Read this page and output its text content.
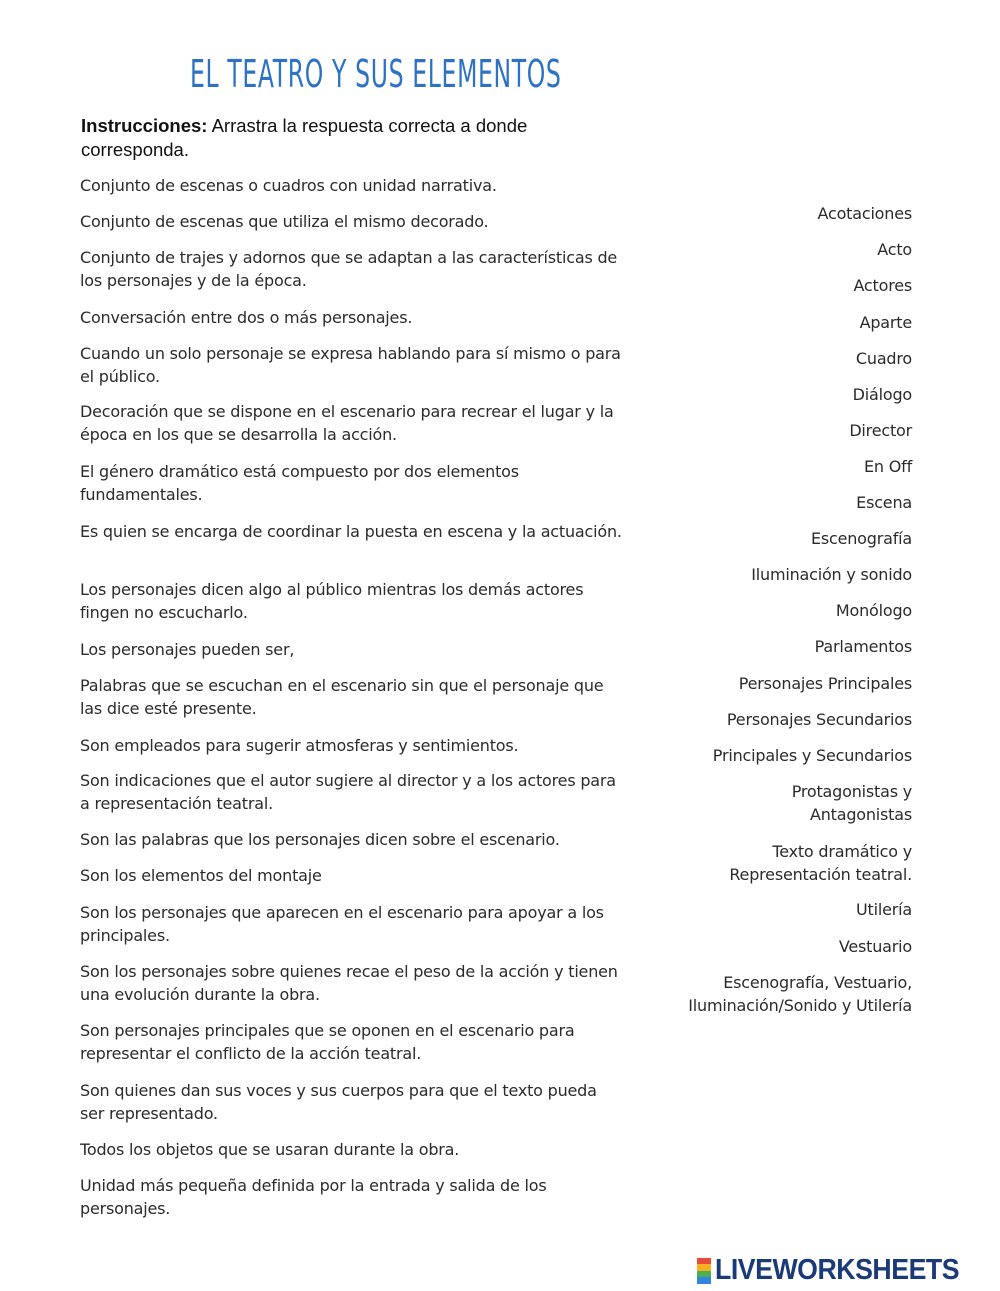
EL TEATRO Y SUS ELEMENTOS
Instrucciones: Arrastra la respuesta correcta a donde corresponda.
Conjunto de escenas o cuadros con unidad narrativa.
Conjunto de escenas que utiliza el mismo decorado.
Conjunto de trajes y adornos que se adaptan a las características de los personajes y de la época.
Conversación entre dos o más personajes.
Cuando un solo personaje se expresa hablando para sí mismo o para el público.
Decoración que se dispone en el escenario para recrear el lugar y la época en los que se desarrolla la acción.
El género dramático está compuesto por dos elementos fundamentales.
Es quien se encarga de coordinar la puesta en escena y la actuación.
Los personajes dicen algo al público mientras los demás actores fingen no escucharlo.
Los personajes pueden ser,
Palabras que se escuchan en el escenario sin que el personaje que las dice esté presente.
Son empleados para sugerir atmosferas y sentimientos.
Son indicaciones que el autor sugiere al director y a los actores para a representación teatral.
Son las palabras que los personajes dicen sobre el escenario.
Son los elementos del montaje
Son los personajes que aparecen en el escenario para apoyar a los principales.
Son los personajes sobre quienes recae el peso de la acción y tienen una evolución durante la obra.
Son personajes principales que se oponen en el escenario para representar el conflicto de la acción teatral.
Son quienes dan sus voces y sus cuerpos para que el texto pueda ser representado.
Todos los objetos que se usaran durante la obra.
Unidad más pequeña definida por la entrada y salida de los personajes.
Acotaciones
Acto
Actores
Aparte
Cuadro
Diálogo
Director
En Off
Escena
Escenografía
Iluminación y sonido
Monólogo
Parlamentos
Personajes Principales
Personajes Secundarios
Principales y Secundarios
Protagonistas y Antagonistas
Texto dramático y Representación teatral.
Utilería
Vestuario
Escenografía, Vestuario, Iluminación/Sonido y Utilería
LIVEWORKSHEETS
